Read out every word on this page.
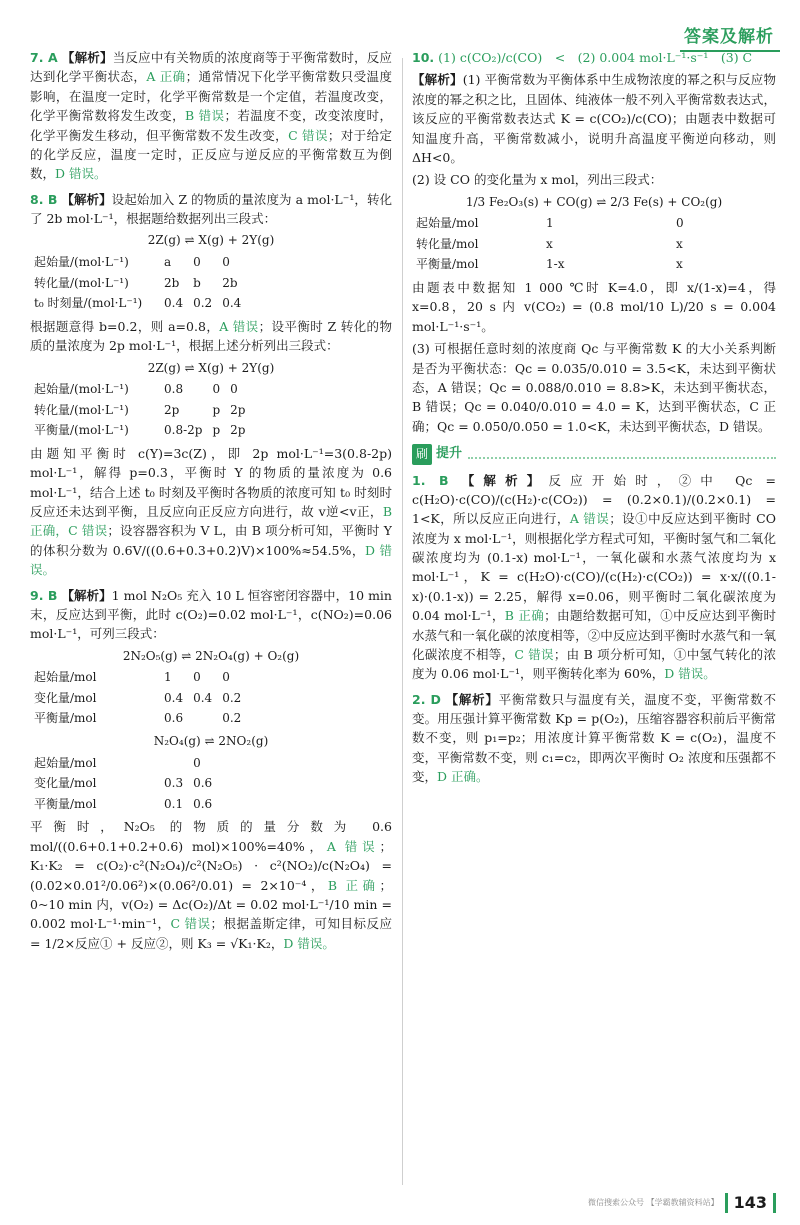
答案及解析

7. A 【解析】当反应中有关物质的浓度商等于平衡常数时，反应达到化学平衡状态，A 正确；通常情况下化学平衡常数只受温度影响，在温度一定时，化学平衡常数是一个定值，若温度改变，化学平衡常数将发生改变，B 错误；若温度不变，改变浓度时，化学平衡发生移动，但平衡常数不发生改变，C 错误；对于给定的化学反应，温度一定时，正反应与逆反应的平衡常数互为倒数，D 错误。

8. B 【解析】设起始加入 Z 的物质的量浓度为 a mol·L⁻¹，转化了 2b mol·L⁻¹，根据题给数据列出三段式：

2Z(g) ⇌ X(g) + 2Y(g)
起始量/(mol·L⁻¹)	a	0	0
转化量/(mol·L⁻¹)	2b	b	2b
t₀ 时刻量/(mol·L⁻¹)	0.4	0.2	0.4

根据题意得 b=0.2，则 a=0.8，A 错误；设平衡时 Z 转化的物质的量浓度为 2p mol·L⁻¹，根据上述分析列出三段式：

2Z(g) ⇌ X(g) + 2Y(g)
起始量/(mol·L⁻¹)	0.8	0	0
转化量/(mol·L⁻¹)	2p	p	2p
平衡量/(mol·L⁻¹)	0.8-2p	p	2p

由题知平衡时 c(Y)=3c(Z)，即 2p mol·L⁻¹=3(0.8-2p) mol·L⁻¹，解得 p=0.3，平衡时 Y 的物质的量浓度为 0.6 mol·L⁻¹，结合上述 t₀ 时刻及平衡时各物质的浓度可知 t₀ 时刻时反应还未达到平衡，且反应向正反应方向进行，故 v逆<v正，B 正确，C 错误；设容器容积为 V L，由 B 项分析可知，平衡时 Y 的体积分数为 0.6V/((0.6+0.3+0.2)V)×100%≈54.5%，D 错误。

9. B 【解析】1 mol N₂O₅ 充入 10 L 恒容密闭容器中，10 min 末，反应达到平衡，此时 c(O₂)=0.02 mol·L⁻¹，c(NO₂)=0.06 mol·L⁻¹，可列三段式：

2N₂O₅(g) ⇌ 2N₂O₄(g) + O₂(g)
起始量/mol	1	0	0
变化量/mol	0.4	0.4	0.2
平衡量/mol	0.6		0.2
N₂O₄(g) ⇌ 2NO₂(g)
起始量/mol		0
变化量/mol	0.3	0.6
平衡量/mol	0.1	0.6

平衡时，N₂O₅ 的物质的量分数为 0.6 mol/((0.6+0.1+0.2+0.6) mol)×100%=40%，A 错误；K₁·K₂ = c(O₂)·c²(N₂O₄)/c²(N₂O₅) · c²(NO₂)/c(N₂O₄) = (0.02×0.01²/0.06²)×(0.06²/0.01) = 2×10⁻⁴，B 正确；0~10 min 内，v(O₂) = Δc(O₂)/Δt = 0.02 mol·L⁻¹/10 min = 0.002 mol·L⁻¹·min⁻¹，C 错误；根据盖斯定律，可知目标反应 = 1/2×反应① + 反应②，则 K₃ = √K₁·K₂，D 错误。

10. (1) c(CO₂)/c(CO)　<　(2) 0.004 mol·L⁻¹·s⁻¹　(3) C

【解析】(1) 平衡常数为平衡体系中生成物浓度的幂之积与反应物浓度的幂之积之比，且固体、纯液体一般不列入平衡常数表达式，该反应的平衡常数表达式 K = c(CO₂)/c(CO)；由题表中数据可知温度升高，平衡常数减小，说明升高温度平衡逆向移动，则 ΔH<0。

(2) 设 CO 的变化量为 x mol，列出三段式：

1/3 Fe₂O₃(s) + CO(g) ⇌ 2/3 Fe(s) + CO₂(g)
起始量/mol	1	0
转化量/mol	x	x
平衡量/mol	1-x	x

由题表中数据知 1 000 ℃时 K=4.0，即 x/(1-x)=4，得 x=0.8，20 s 内 v(CO₂) = (0.8 mol/10 L)/20 s = 0.004 mol·L⁻¹·s⁻¹。

(3) 可根据任意时刻的浓度商 Qc 与平衡常数 K 的大小关系判断是否为平衡状态：Qc = 0.035/0.010 = 3.5<K，未达到平衡状态，A 错误；Qc = 0.088/0.010 = 8.8>K，未达到平衡状态，B 错误；Qc = 0.040/0.010 = 4.0 = K，达到平衡状态，C 正确；Qc = 0.050/0.050 = 1.0<K，未达到平衡状态，D 错误。

刷 提升

1. B 【解析】反应开始时，②中 Qc = c(H₂O)·c(CO)/(c(H₂)·c(CO₂)) = (0.2×0.1)/(0.2×0.1) = 1<K，所以反应正向进行，A 错误；设①中反应达到平衡时 CO 浓度为 x mol·L⁻¹，则根据化学方程式可知，平衡时氢气和二氧化碳浓度均为 (0.1-x) mol·L⁻¹，一氧化碳和水蒸气浓度均为 x mol·L⁻¹，K = c(H₂O)·c(CO)/(c(H₂)·c(CO₂)) = x·x/((0.1-x)·(0.1-x)) = 2.25，解得 x=0.06，则平衡时二氧化碳浓度为 0.04 mol·L⁻¹，B 正确；由题给数据可知，①中反应达到平衡时水蒸气和一氧化碳的浓度相等，②中反应达到平衡时水蒸气和一氧化碳浓度不相等，C 错误；由 B 项分析可知，①中氢气转化的浓度为 0.06 mol·L⁻¹，则平衡转化率为 60%，D 错误。

2. D 【解析】平衡常数只与温度有关，温度不变，平衡常数不变。用压强计算平衡常数 Kp = p(O₂)，压缩容器容积前后平衡常数不变，则 p₁=p₂；用浓度计算平衡常数 K = c(O₂)，温度不变，平衡常数不变，则 c₁=c₂，即两次平衡时 O₂ 浓度和压强都不变，D 正确。

微信搜索公众号 【学霸教辅资料站】 143
